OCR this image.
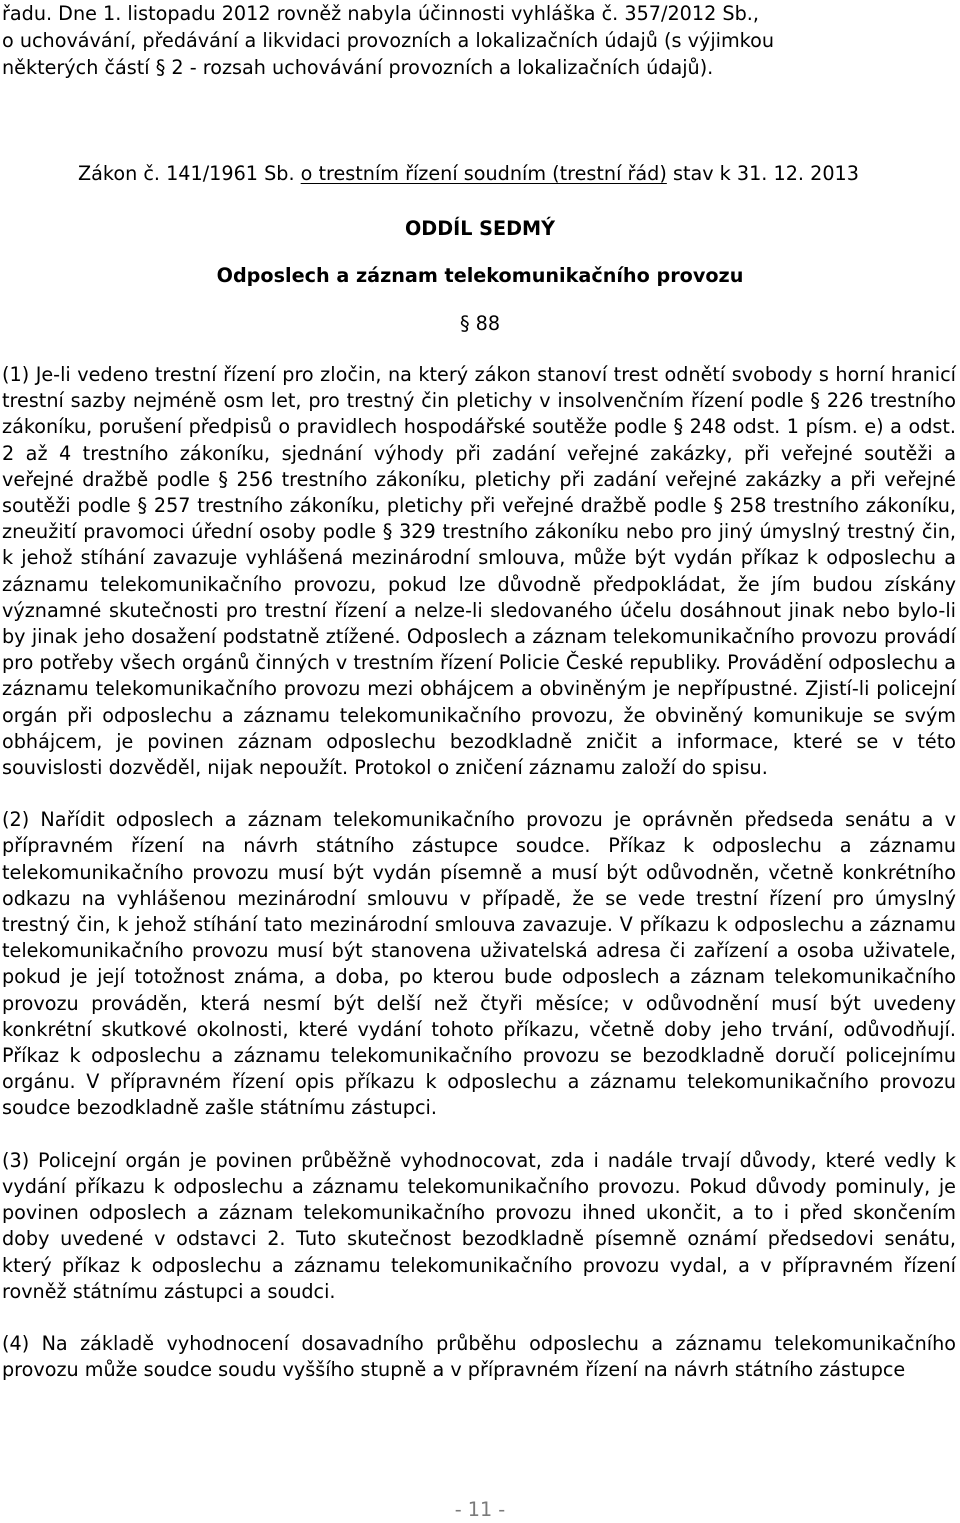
řadu. Dne 1. listopadu 2012 rovněž nabyla účinnosti vyhláška č. 357/2012 Sb.,
o uchovávání, předávání a likvidaci provozních a lokalizačních údajů (s výjimkou
některých částí § 2 - rozsah uchovávání provozních a lokalizačních údajů).
Zákon č. 141/1961 Sb. o trestním řízení soudním (trestní řád) stav k 31. 12. 2013
ODDÍL SEDMÝ
Odposlech a záznam telekomunikačního provozu
§ 88

(1) Je-li vedeno trestní řízení pro zločin, na který zákon stanoví trest odnětí svobody s horní hranicí trestní sazby nejméně osm let, pro trestný čin pletichy v insolvenčním řízení podle § 226 trestního zákoníku, porušení předpisů o pravidlech hospodářské soutěže podle § 248 odst. 1 písm. e) a odst. 2 až 4 trestního zákoníku, sjednání výhody při zadání veřejné zakázky, při veřejné soutěži a veřejné dražbě podle § 256 trestního zákoníku, pletichy při zadání veřejné zakázky a při veřejné soutěži podle § 257 trestního zákoníku, pletichy při veřejné dražbě podle § 258 trestního zákoníku, zneužití pravomoci úřední osoby podle § 329 trestního zákoníku nebo pro jiný úmyslný trestný čin, k jehož stíhání zavazuje vyhlášená mezinárodní smlouva, může být vydán příkaz k odposlechu a záznamu telekomunikačního provozu, pokud lze důvodně předpokládat, že jím budou získány významné skutečnosti pro trestní řízení a nelze-li sledovaného účelu dosáhnout jinak nebo bylo-li by jinak jeho dosažení podstatně ztížené. Odposlech a záznam telekomunikačního provozu provádí pro potřeby všech orgánů činných v trestním řízení Policie České republiky. Provádění odposlechu a záznamu telekomunikačního provozu mezi obhájcem a obviněným je nepřípustné. Zjistí-li policejní orgán při odposlechu a záznamu telekomunikačního provozu, že obviněný komunikuje se svým obhájcem, je povinen záznam odposlechu bezodkladně zničit a informace, které se v této souvislosti dozvěděl, nijak nepoužít. Protokol o zničení záznamu založí do spisu.

(2) Nařídit odposlech a záznam telekomunikačního provozu je oprávněn předseda senátu a v přípravném řízení na návrh státního zástupce soudce. Příkaz k odposlechu a záznamu telekomunikačního provozu musí být vydán písemně a musí být odůvodněn, včetně konkrétního odkazu na vyhlášenou mezinárodní smlouvu v případě, že se vede trestní řízení pro úmyslný trestný čin, k jehož stíhání tato mezinárodní smlouva zavazuje. V příkazu k odposlechu a záznamu telekomunikačního provozu musí být stanovena uživatelská adresa či zařízení a osoba uživatele, pokud je její totožnost známa, a doba, po kterou bude odposlech a záznam telekomunikačního provozu prováděn, která nesmí být delší než čtyři měsíce; v odůvodnění musí být uvedeny konkrétní skutkové okolnosti, které vydání tohoto příkazu, včetně doby jeho trvání, odůvodňují. Příkaz k odposlechu a záznamu telekomunikačního provozu se bezodkladně doručí policejnímu orgánu. V přípravném řízení opis příkazu k odposlechu a záznamu telekomunikačního provozu soudce bezodkladně zašle státnímu zástupci.

(3) Policejní orgán je povinen průběžně vyhodnocovat, zda i nadále trvají důvody, které vedly k vydání příkazu k odposlechu a záznamu telekomunikačního provozu. Pokud důvody pominuly, je povinen odposlech a záznam telekomunikačního provozu ihned ukončit, a to i před skončením doby uvedené v odstavci 2. Tuto skutečnost bezodkladně písemně oznámí předsedovi senátu, který příkaz k odposlechu a záznamu telekomunikačního provozu vydal, a v přípravném řízení rovněž státnímu zástupci a soudci.

(4) Na základě vyhodnocení dosavadního průběhu odposlechu a záznamu telekomunikačního provozu může soudce soudu vyššího stupně a v přípravném řízení na návrh státního zástupce

- 11 -
